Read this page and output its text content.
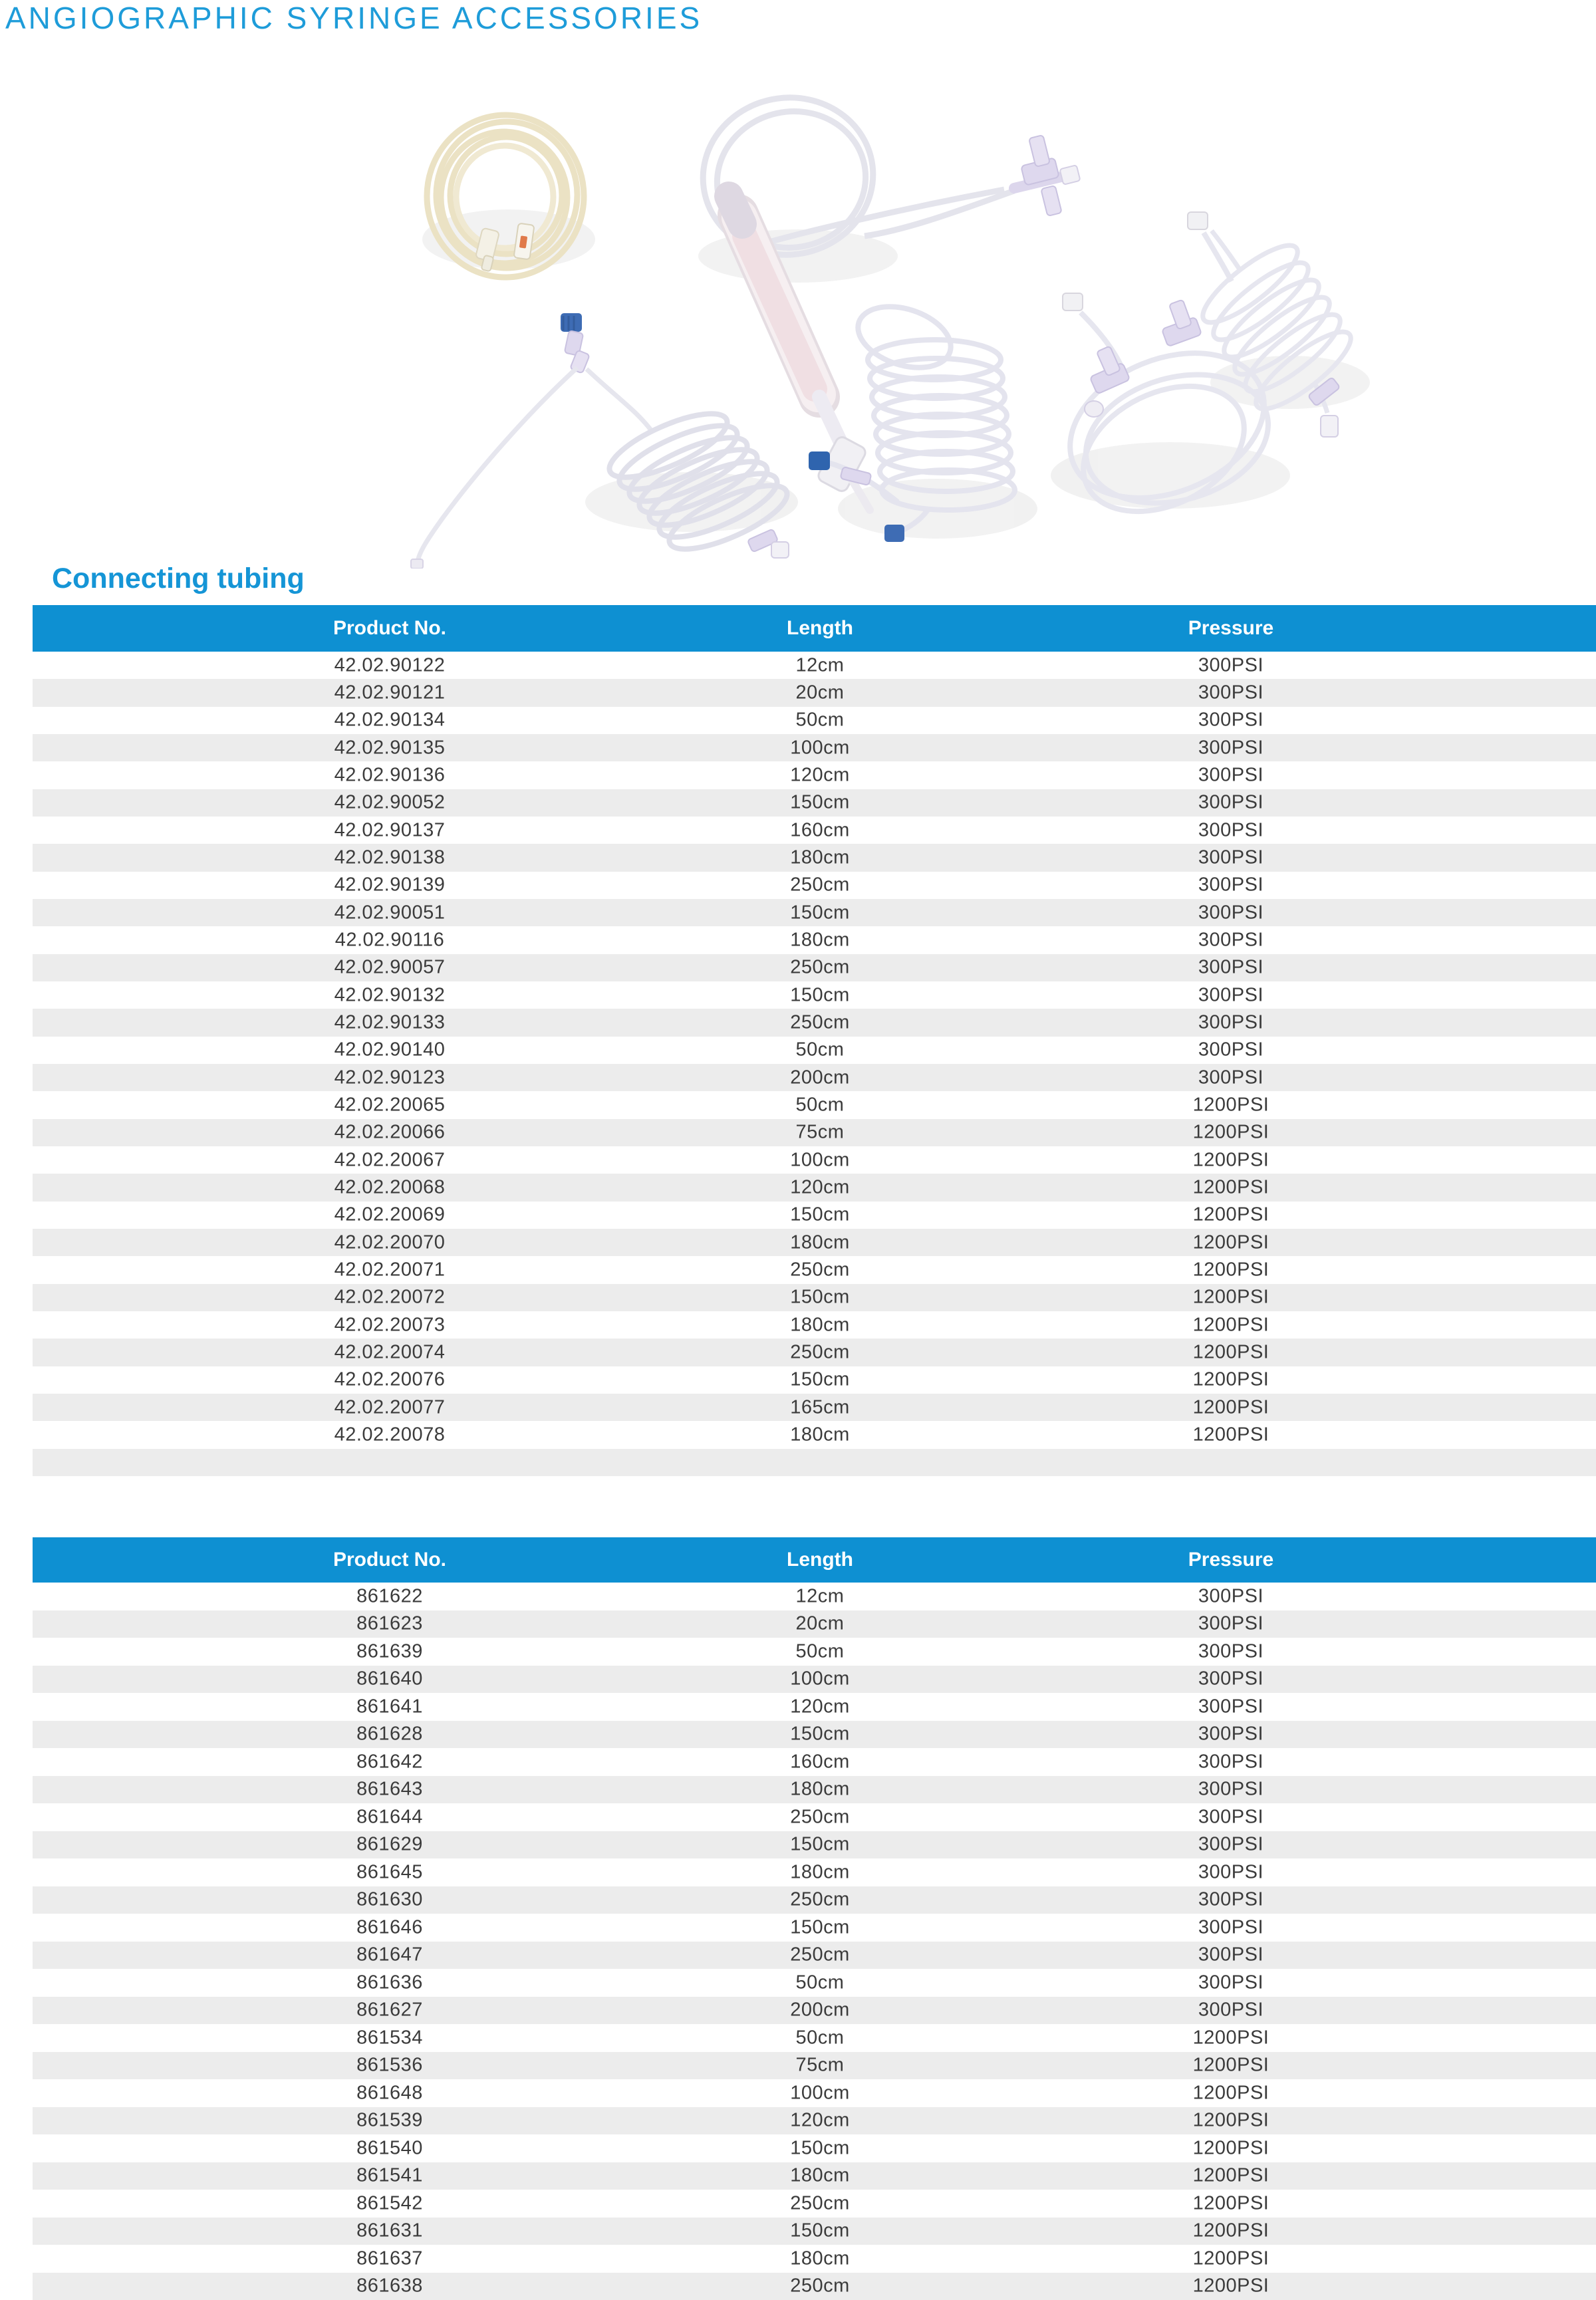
ANGIOGRAPHIC SYRINGE ACCESSORIES
Connecting tubing
Product No.	Length	Pressure
42.02.90122	12cm	300PSI
42.02.90121	20cm	300PSI
42.02.90134	50cm	300PSI
42.02.90135	100cm	300PSI
42.02.90136	120cm	300PSI
42.02.90052	150cm	300PSI
42.02.90137	160cm	300PSI
42.02.90138	180cm	300PSI
42.02.90139	250cm	300PSI
42.02.90051	150cm	300PSI
42.02.90116	180cm	300PSI
42.02.90057	250cm	300PSI
42.02.90132	150cm	300PSI
42.02.90133	250cm	300PSI
42.02.90140	50cm	300PSI
42.02.90123	200cm	300PSI
42.02.20065	50cm	1200PSI
42.02.20066	75cm	1200PSI
42.02.20067	100cm	1200PSI
42.02.20068	120cm	1200PSI
42.02.20069	150cm	1200PSI
42.02.20070	180cm	1200PSI
42.02.20071	250cm	1200PSI
42.02.20072	150cm	1200PSI
42.02.20073	180cm	1200PSI
42.02.20074	250cm	1200PSI
42.02.20076	150cm	1200PSI
42.02.20077	165cm	1200PSI
42.02.20078	180cm	1200PSI
Product No.	Length	Pressure
861622	12cm	300PSI
861623	20cm	300PSI
861639	50cm	300PSI
861640	100cm	300PSI
861641	120cm	300PSI
861628	150cm	300PSI
861642	160cm	300PSI
861643	180cm	300PSI
861644	250cm	300PSI
861629	150cm	300PSI
861645	180cm	300PSI
861630	250cm	300PSI
861646	150cm	300PSI
861647	250cm	300PSI
861636	50cm	300PSI
861627	200cm	300PSI
861534	50cm	1200PSI
861536	75cm	1200PSI
861648	100cm	1200PSI
861539	120cm	1200PSI
861540	150cm	1200PSI
861541	180cm	1200PSI
861542	250cm	1200PSI
861631	150cm	1200PSI
861637	180cm	1200PSI
861638	250cm	1200PSI
